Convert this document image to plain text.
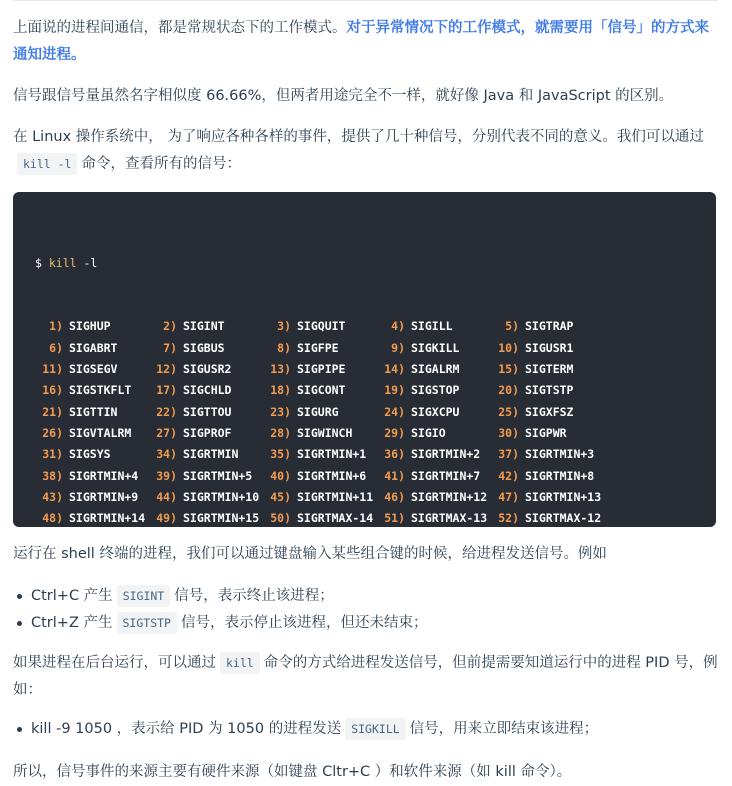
上面说的进程间通信，都是常规状态下的工作模式。对于异常情况下的工作模式，就需要用「信号」的方式来通知进程。

信号跟信号量虽然名字相似度 66.66%，但两者用途完全不一样，就好像 Java 和 JavaScript 的区别。

在 Linux 操作系统中， 为了响应各种各样的事件，提供了几十种信号，分别代表不同的意义。我们可以通过kill -l 命令，查看所有的信号：

$ kill -l

1) SIGHUP	2) SIGINT	3) SIGQUIT	4) SIGILL	5) SIGTRAP
6) SIGABRT	7) SIGBUS	8) SIGFPE	9) SIGKILL	10) SIGUSR1
11) SIGSEGV	12) SIGUSR2	13) SIGPIPE	14) SIGALRM	15) SIGTERM
16) SIGSTKFLT 17) SIGCHLD	18) SIGCONT	19) SIGSTOP	20) SIGTSTP
21) SIGTTIN	22) SIGTTOU	23) SIGURG	24) SIGXCPU	25) SIGXFSZ
26) SIGVTALRM 27) SIGPROF	28) SIGWINCH	29) SIGIO	30) SIGPWR
31) SIGSYS	34) SIGRTMIN	35) SIGRTMIN+1 36) SIGRTMIN+2 37) SIGRTMIN+3
38) SIGRTMIN+4 39) SIGRTMIN+5 40) SIGRTMIN+6 41) SIGRTMIN+7 42) SIGRTMIN+8
43) SIGRTMIN+9 44) SIGRTMIN+10 45) SIGRTMIN+11 46) SIGRTMIN+12 47) SIGRTMIN+13
48) SIGRTMIN+14 49) SIGRTMIN+15 50) SIGRTMAX-14 51) SIGRTMAX-13 52) SIGRTMAX-12

运行在 shell 终端的进程，我们可以通过键盘输入某些组合键的时候，给进程发送信号。例如

Ctrl+C 产生 SIGINT 信号，表示终止该进程；
Ctrl+Z 产生 SIGTSTP 信号，表示停止该进程，但还未结束；

如果进程在后台运行，可以通过 kill 命令的方式给进程发送信号，但前提需要知道运行中的进程 PID 号，例如：

kill -9 1050 ，表示给 PID 为 1050 的进程发送 SIGKILL 信号，用来立即结束该进程；

所以，信号事件的来源主要有硬件来源（如键盘 Cltr+C ）和软件来源（如 kill 命令）。
